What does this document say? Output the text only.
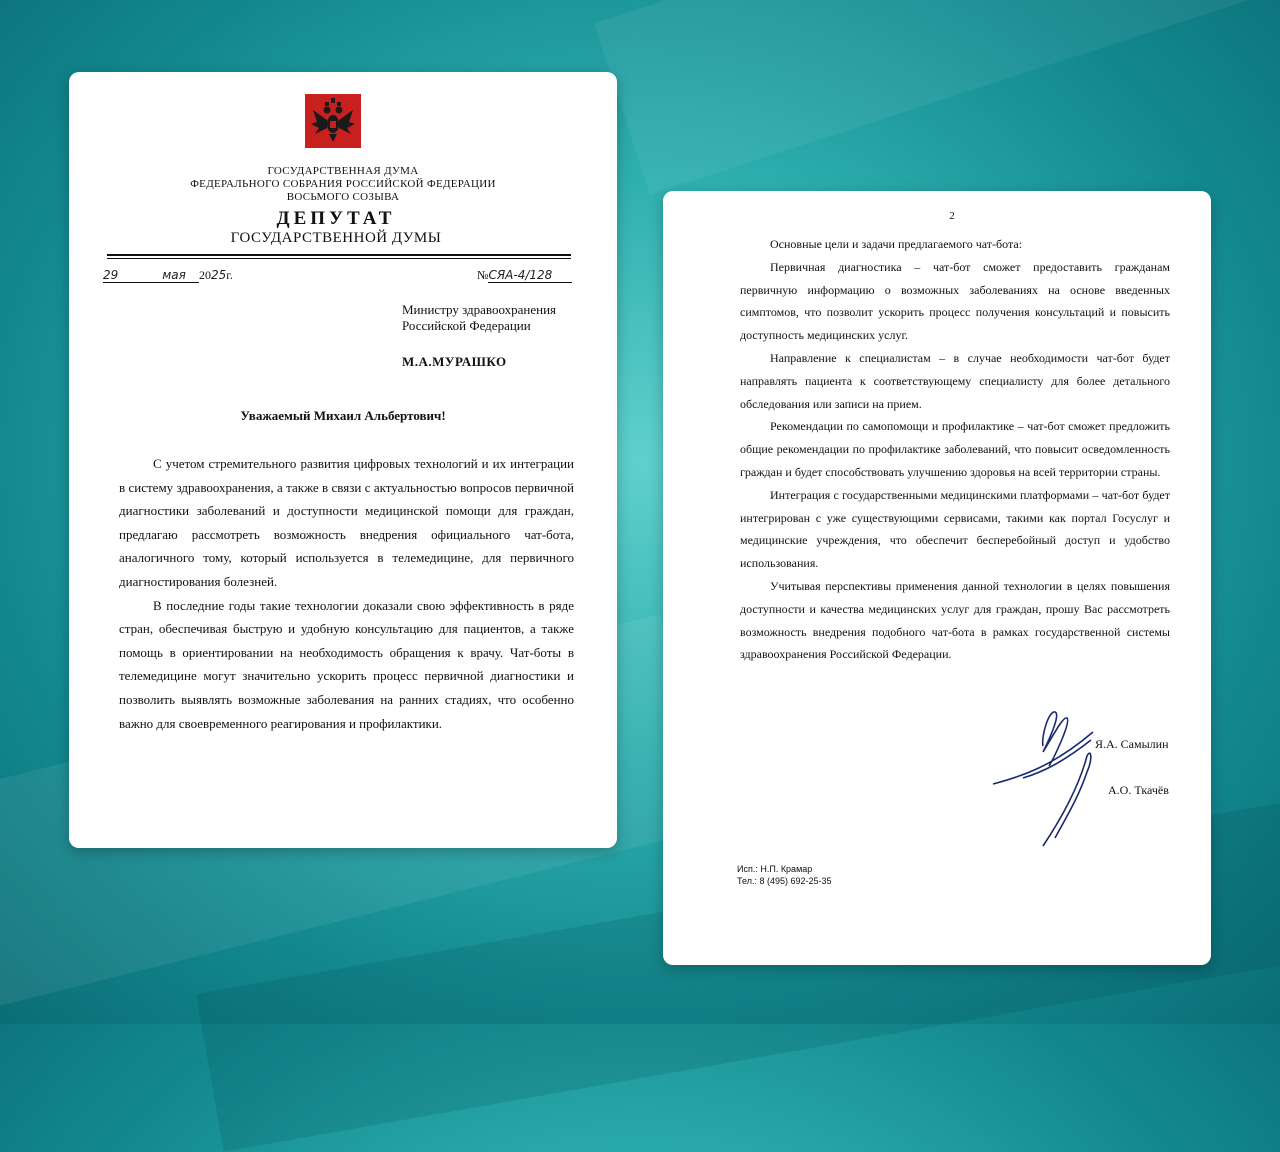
ГОСУДАРСТВЕННАЯ ДУМА
ФЕДЕРАЛЬНОГО СОБРАНИЯ РОССИЙСКОЙ ФЕДЕРАЦИИ
ВОСЬМОГО СОЗЫВА
ДЕПУТАТ
ГОСУДАРСТВЕННОЙ ДУМЫ
29	мая 2025г.	№СЯА-4/128
Министру здравоохранения
Российской Федерации
М.А.МУРАШКО
Уважаемый Михаил Альбертович!

С учетом стремительного развития цифровых технологий и их интеграции в систему здравоохранения, а также в связи с актуальностью вопросов первичной диагностики заболеваний и доступности медицинской помощи для граждан, предлагаю рассмотреть возможность внедрения официального чат-бота, аналогичного тому, который используется в телемедицине, для первичного диагностирования болезней.

В последние годы такие технологии доказали свою эффективность в ряде стран, обеспечивая быструю и удобную консультацию для пациентов, а также помощь в ориентировании на необходимость обращения к врачу. Чат-боты в телемедицине могут значительно ускорить процесс первичной диагностики и позволить выявлять возможные заболевания на ранних стадиях, что особенно важно для своевременного реагирования и профилактики.

2

Основные цели и задачи предлагаемого чат-бота:

Первичная диагностика – чат-бот сможет предоставить гражданам первичную информацию о возможных заболеваниях на основе введенных симптомов, что позволит ускорить процесс получения консультаций и повысить доступность медицинских услуг.

Направление к специалистам – в случае необходимости чат-бот будет направлять пациента к соответствующему специалисту для более детального обследования или записи на прием.

Рекомендации по самопомощи и профилактике – чат-бот сможет предложить общие рекомендации по профилактике заболеваний, что повысит осведомленность граждан и будет способствовать улучшению здоровья на всей территории страны.

Интеграция с государственными медицинскими платформами – чат-бот будет интегрирован с уже существующими сервисами, такими как портал Госуслуг и медицинские учреждения, что обеспечит бесперебойный доступ и удобство использования.

Учитывая перспективы применения данной технологии в целях повышения доступности и качества медицинских услуг для граждан, прошу Вас рассмотреть возможность внедрения подобного чат-бота в рамках государственной системы здравоохранения Российской Федерации.

Я.А. Самылин
А.О. Ткачёв
Исп.: Н.П. Крамар
Тел.: 8 (495) 692-25-35
